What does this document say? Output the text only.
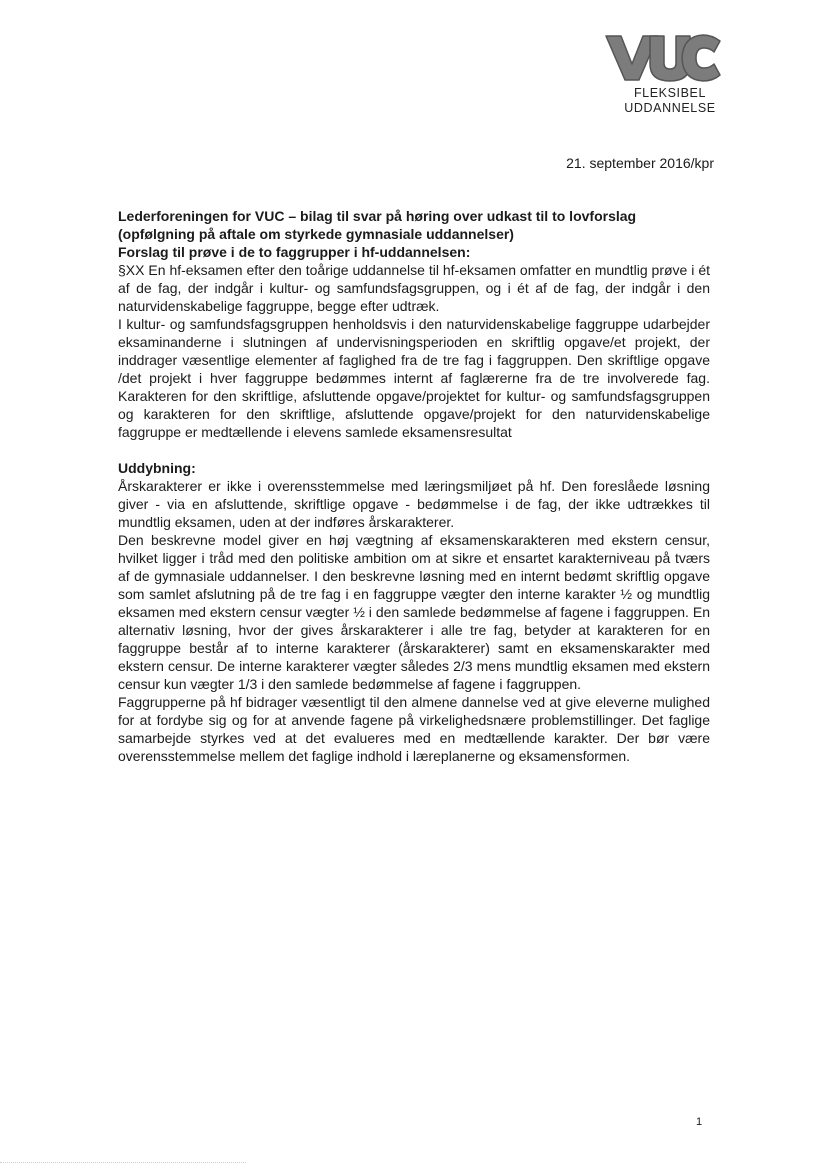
FLEKSIBEL
UDDANNELSE
21. september 2016/kpr

Lederforeningen for VUC – bilag til svar på høring over udkast til to lovforslag (opfølgning på aftale om styrkede gymnasiale uddannelser)

Forslag til prøve i de to faggrupper i hf-uddannelsen:

§XX En hf-eksamen efter den toårige uddannelse til hf-eksamen omfatter en mundtlig prøve i ét af de fag, der indgår i kultur- og samfundsfagsgruppen, og i ét af de fag, der indgår i den naturvidenskabelige faggruppe, begge efter udtræk.

I kultur- og samfundsfagsgruppen henholdsvis i den naturvidenskabelige faggruppe udarbejder eksaminanderne i slutningen af undervisningsperioden en skriftlig opgave/et projekt, der inddrager væsentlige elementer af faglighed fra de tre fag i faggruppen. Den skriftlige opgave /det projekt i hver faggruppe bedømmes internt af faglærerne fra de tre involverede fag. Karakteren for den skriftlige, afsluttende opgave/projektet for kultur- og samfundsfagsgruppen og karakteren for den skriftlige, afsluttende opgave/projekt for den naturvidenskabelige faggruppe er medtællende i elevens samlede eksamensresultat

Uddybning:

Årskarakterer er ikke i overensstemmelse med læringsmiljøet på hf. Den foreslåede løsning giver - via en afsluttende, skriftlige opgave - bedømmelse i de fag, der ikke udtrækkes til mundtlig eksamen, uden at der indføres årskarakterer.

Den beskrevne model giver en høj vægtning af eksamenskarakteren med ekstern censur, hvilket ligger i tråd med den politiske ambition om at sikre et ensartet karakterniveau på tværs af de gymnasiale uddannelser. I den beskrevne løsning med en internt bedømt skriftlig opgave som samlet afslutning på de tre fag i en faggruppe vægter den interne karakter ½ og mundtlig eksamen med ekstern censur vægter ½ i den samlede bedømmelse af fagene i faggruppen. En alternativ løsning, hvor der gives årskarakterer i alle tre fag, betyder at karakteren for en faggruppe består af to interne karakterer (årskarakterer) samt en eksamenskarakter med ekstern censur. De interne karakterer vægter således 2/3 mens mundtlig eksamen med ekstern censur kun vægter 1/3 i den samlede bedømmelse af fagene i faggruppen.

Faggrupperne på hf bidrager væsentligt til den almene dannelse ved at give eleverne mulighed for at fordybe sig og for at anvende fagene på virkelighedsnære problemstillinger. Det faglige samarbejde styrkes ved at det evalueres med en medtællende karakter. Der bør være overensstemmelse mellem det faglige indhold i læreplanerne og eksamensformen.

1
